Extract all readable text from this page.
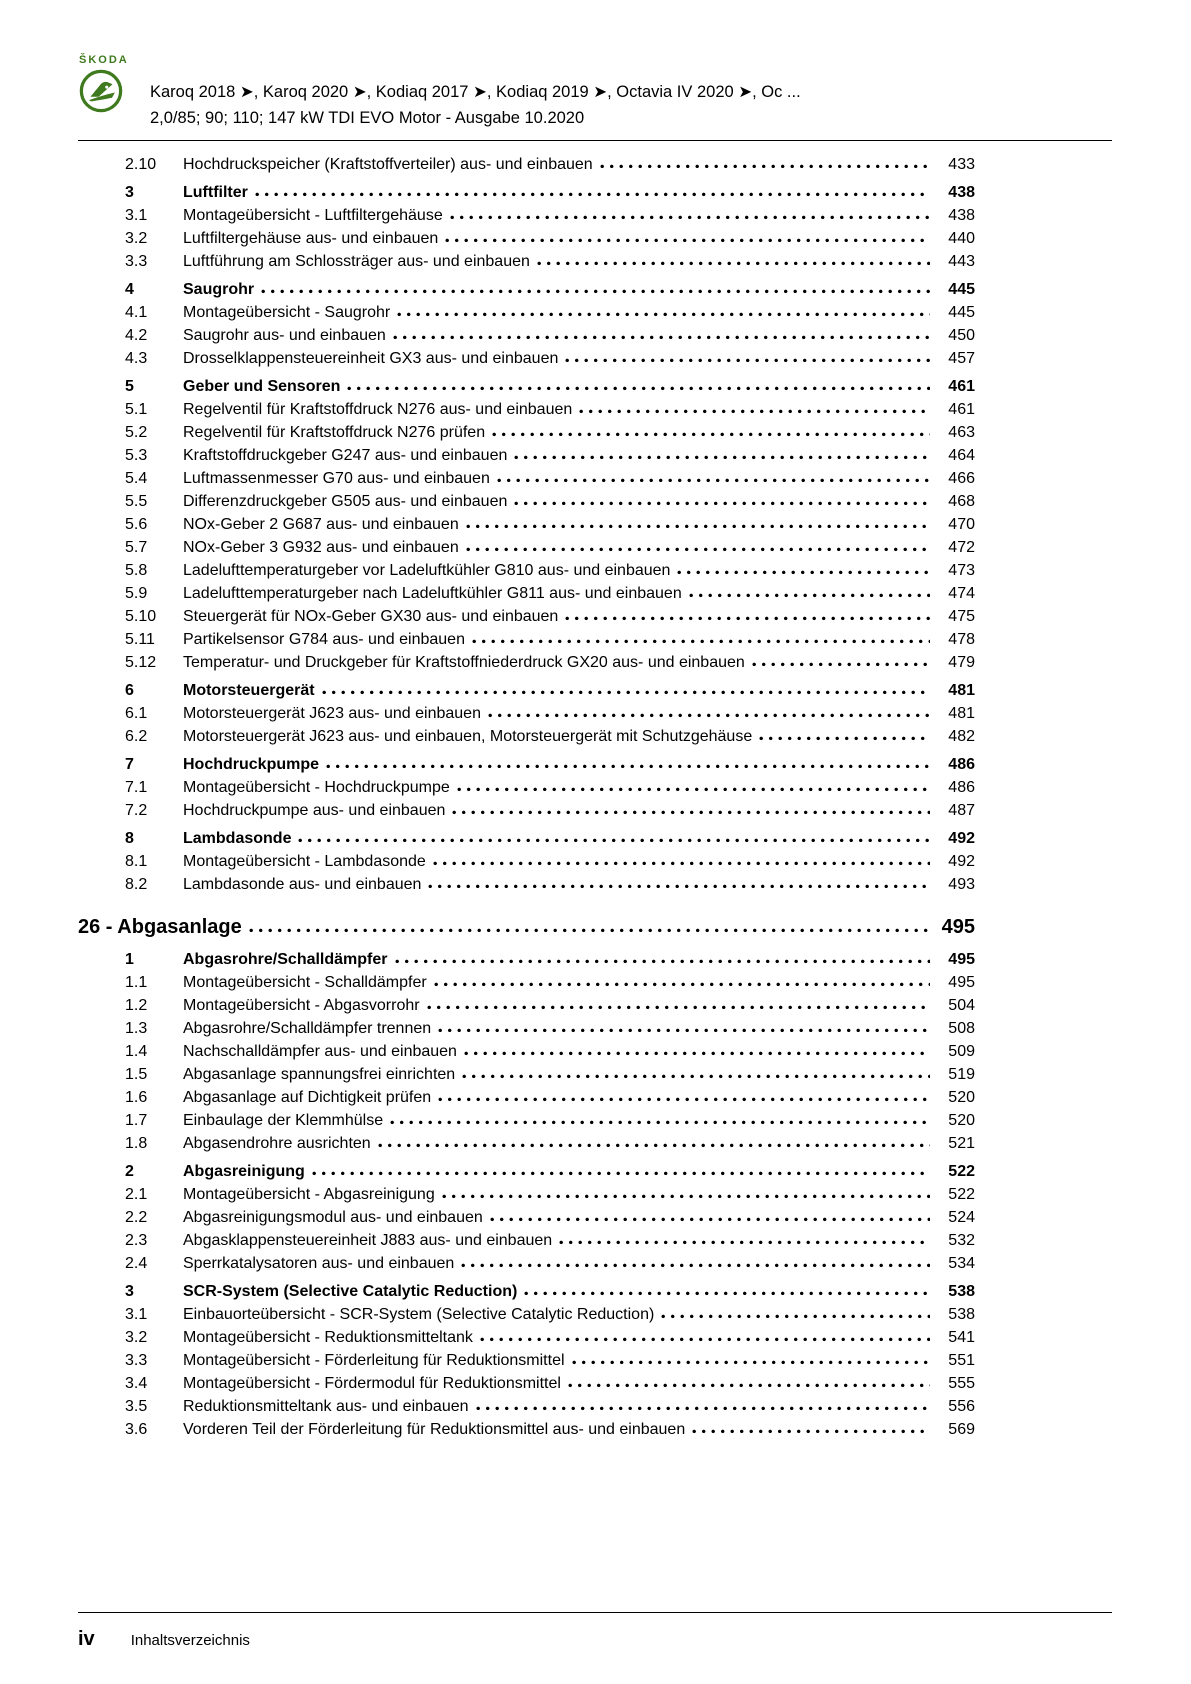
ŠKODA
Karoq 2018 ➤, Karoq 2020 ➤, Kodiaq 2017 ➤, Kodiaq 2019 ➤, Octavia IV 2020 ➤, Oc ...
2,0/85; 90; 110; 147 kW TDI EVO Motor - Ausgabe 10.2020
2.10	Hochdruckspeicher (Kraftstoffverteiler) aus- und einbauen	433
3	Luftfilter	438
3.1	Montageübersicht - Luftfiltergehäuse	438
3.2	Luftfiltergehäuse aus- und einbauen	440
3.3	Luftführung am Schlossträger aus- und einbauen	443
4	Saugrohr	445
4.1	Montageübersicht - Saugrohr	445
4.2	Saugrohr aus- und einbauen	450
4.3	Drosselklappensteuereinheit GX3 aus- und einbauen	457
5	Geber und Sensoren	461
5.1	Regelventil für Kraftstoffdruck N276 aus- und einbauen	461
5.2	Regelventil für Kraftstoffdruck N276 prüfen	463
5.3	Kraftstoffdruckgeber G247 aus- und einbauen	464
5.4	Luftmassenmesser G70 aus- und einbauen	466
5.5	Differenzdruckgeber G505 aus- und einbauen	468
5.6	NOx-Geber 2 G687 aus- und einbauen	470
5.7	NOx-Geber 3 G932 aus- und einbauen	472
5.8	Ladelufttemperaturgeber vor Ladeluftkühler G810 aus- und einbauen	473
5.9	Ladelufttemperaturgeber nach Ladeluftkühler G811 aus- und einbauen	474
5.10	Steuergerät für NOx-Geber GX30 aus- und einbauen	475
5.11	Partikelsensor G784 aus- und einbauen	478
5.12	Temperatur- und Druckgeber für Kraftstoffniederdruck GX20 aus- und einbauen	479
6	Motorsteuergerät	481
6.1	Motorsteuergerät J623 aus- und einbauen	481
6.2	Motorsteuergerät J623 aus- und einbauen, Motorsteuergerät mit Schutzgehäuse	482
7	Hochdruckpumpe	486
7.1	Montageübersicht - Hochdruckpumpe	486
7.2	Hochdruckpumpe aus- und einbauen	487
8	Lambdasonde	492
8.1	Montageübersicht - Lambdasonde	492
8.2	Lambdasonde aus- und einbauen	493
26 - Abgasanlage	495
1	Abgasrohre/Schalldämpfer	495
1.1	Montageübersicht - Schalldämpfer	495
1.2	Montageübersicht - Abgasvorrohr	504
1.3	Abgasrohre/Schalldämpfer trennen	508
1.4	Nachschalldämpfer aus- und einbauen	509
1.5	Abgasanlage spannungsfrei einrichten	519
1.6	Abgasanlage auf Dichtigkeit prüfen	520
1.7	Einbaulage der Klemmhülse	520
1.8	Abgasendrohre ausrichten	521
2	Abgasreinigung	522
2.1	Montageübersicht - Abgasreinigung	522
2.2	Abgasreinigungsmodul aus- und einbauen	524
2.3	Abgasklappensteuereinheit J883 aus- und einbauen	532
2.4	Sperrkatalysatoren aus- und einbauen	534
3	SCR-System (Selective Catalytic Reduction)	538
3.1	Einbauorteübersicht - SCR-System (Selective Catalytic Reduction)	538
3.2	Montageübersicht - Reduktionsmitteltank	541
3.3	Montageübersicht - Förderleitung für Reduktionsmittel	551
3.4	Montageübersicht - Fördermodul für Reduktionsmittel	555
3.5	Reduktionsmitteltank aus- und einbauen	556
3.6	Vorderen Teil der Förderleitung für Reduktionsmittel aus- und einbauen	569
iv Inhaltsverzeichnis
